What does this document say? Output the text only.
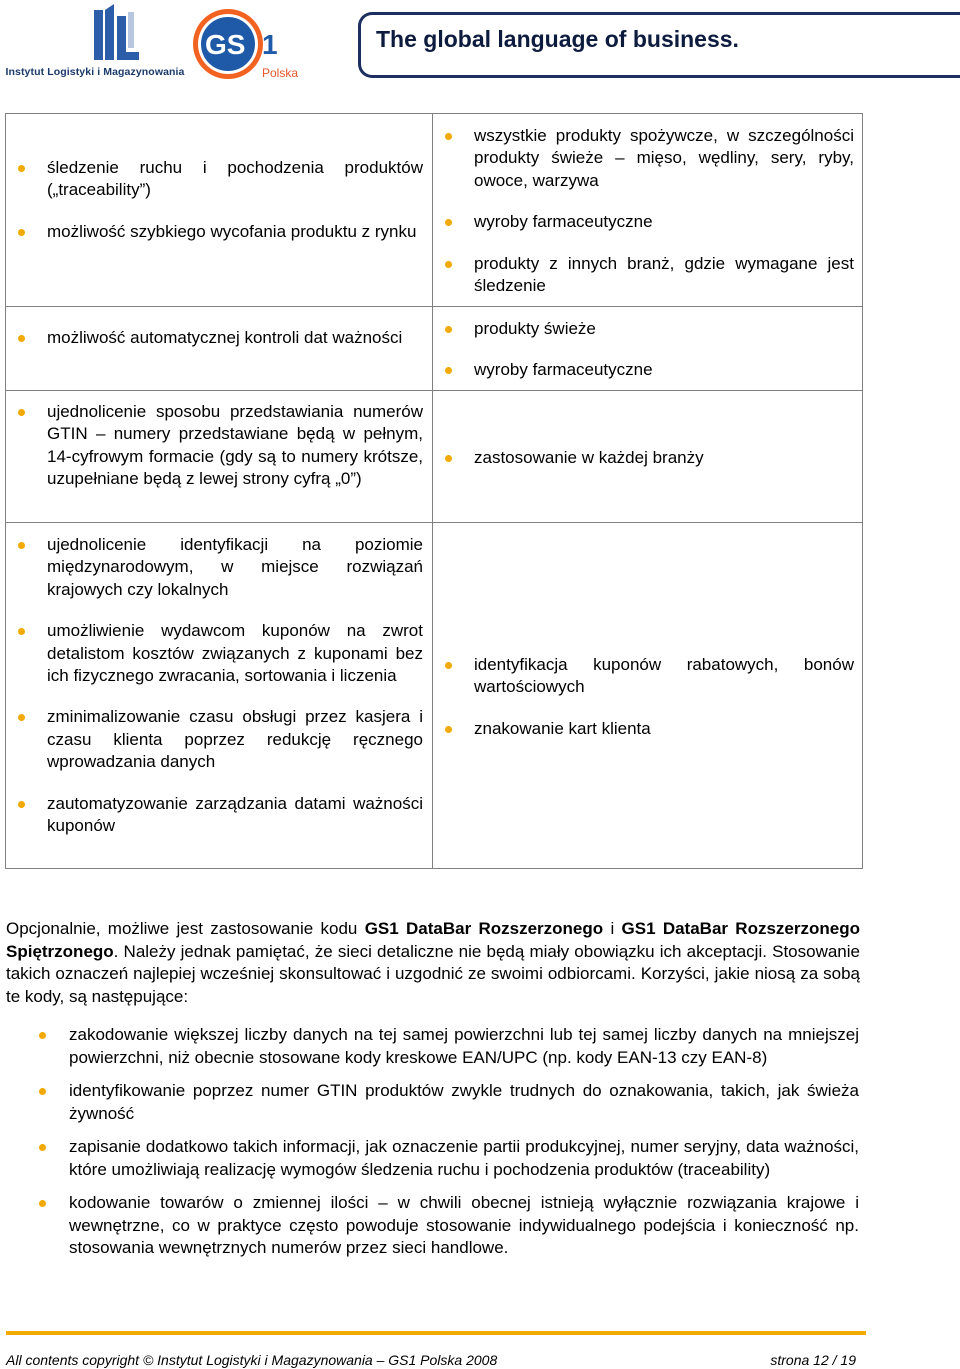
Instytut Logistyki i Magazynowania
GS 1
Polska
The global language of business.
śledzenie ruchu i pochodzenia produktów („traceability”)
możliwość szybkiego wycofania produktu z rynku
wszystkie produkty spożywcze, w szczególności produkty świeże – mięso, wędliny, sery, ryby, owoce, warzywa
wyroby farmaceutyczne
produkty z innych branż, gdzie wymagane jest śledzenie
możliwość automatycznej kontroli dat ważności	produkty świeże
wyroby farmaceutyczne
ujednolicenie sposobu przedstawiania numerów GTIN – numery przedstawiane będą w pełnym, 14-cyfrowym formacie (gdy są to numery krótsze, uzupełniane będą z lewej strony cyfrą „0”)
zastosowanie w każdej branży
ujednolicenie identyfikacji na poziomie międzynarodowym, w miejsce rozwiązań krajowych czy lokalnych
umożliwienie wydawcom kuponów na zwrot detalistom kosztów związanych z kuponami bez ich fizycznego zwracania, sortowania i liczenia
zminimalizowanie czasu obsługi przez kasjera i czasu klienta poprzez redukcję ręcznego wprowadzania danych
zautomatyzowanie zarządzania datami ważności kuponów
identyfikacja kuponów rabatowych, bonów wartościowych
znakowanie kart klienta
Opcjonalnie, możliwe jest zastosowanie kodu GS1 DataBar Rozszerzonego i GS1 DataBar Rozszerzonego Spiętrzonego. Należy jednak pamiętać, że sieci detaliczne nie będą miały obowiązku ich akceptacji. Stosowanie takich oznaczeń najlepiej wcześniej skonsultować i uzgodnić ze swoimi odbiorcami. Korzyści, jakie niosą za sobą te kody, są następujące:
zakodowanie większej liczby danych na tej samej powierzchni lub tej samej liczby danych na mniejszej powierzchni, niż obecnie stosowane kody kreskowe EAN/UPC (np. kody EAN-13 czy EAN-8)
identyfikowanie poprzez numer GTIN produktów zwykle trudnych do oznakowania, takich, jak świeża żywność
zapisanie dodatkowo takich informacji, jak oznaczenie partii produkcyjnej, numer seryjny, data ważności, które umożliwiają realizację wymogów śledzenia ruchu i pochodzenia produktów (traceability)
kodowanie towarów o zmiennej ilości – w chwili obecnej istnieją wyłącznie rozwiązania krajowe i wewnętrzne, co w praktyce często powoduje stosowanie indywidualnego podejścia i konieczność np. stosowania wewnętrznych numerów przez sieci handlowe.
All contents copyright © Instytut Logistyki i Magazynowania – GS1 Polska 2008	strona 12 / 19
